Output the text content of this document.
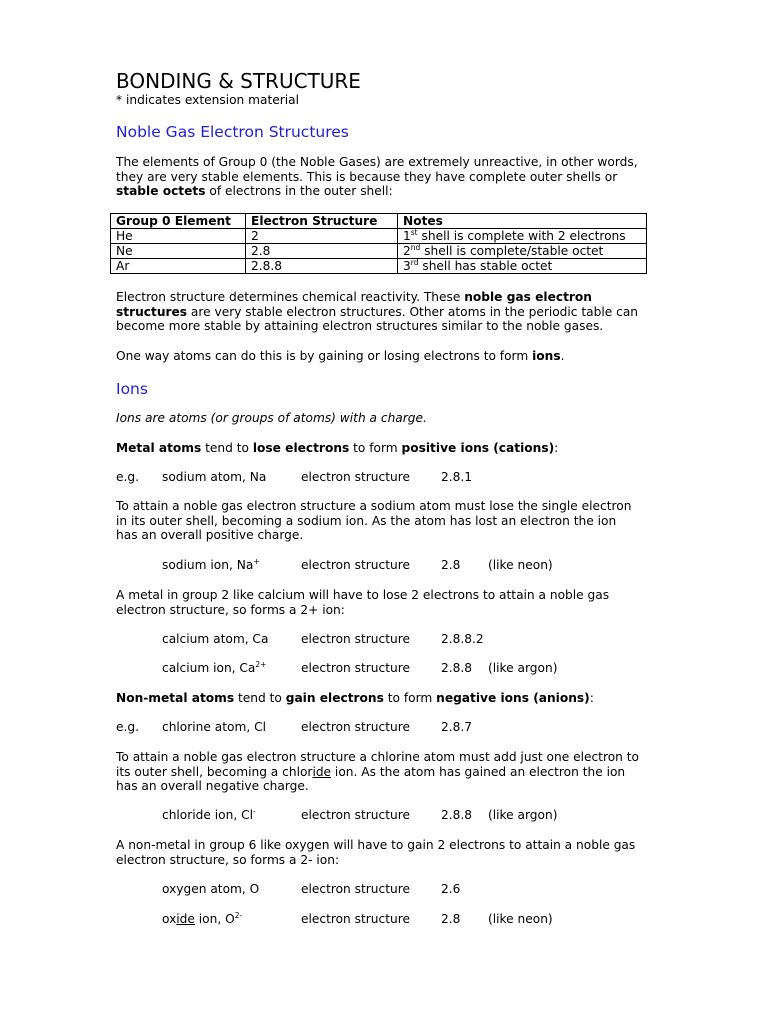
BONDING & STRUCTURE
* indicates extension material
Noble Gas Electron Structures
The elements of Group 0 (the Noble Gases) are extremely unreactive, in other words,
they are very stable elements. This is because they have complete outer shells or
stable octets of electrons in the outer shell:
Group 0 Element	Electron Structure	Notes
He	2	1st shell is complete with 2 electrons
Ne	2.8	2nd shell is complete/stable octet
Ar	2.8.8	3rd shell has stable octet
Electron structure determines chemical reactivity. These noble gas electron
structures are very stable electron structures. Other atoms in the periodic table can
become more stable by attaining electron structures similar to the noble gases.
One way atoms can do this is by gaining or losing electrons to form ions.
Ions
Ions are atoms (or groups of atoms) with a charge.
Metal atoms tend to lose electrons to form positive ions (cations):
e.g. sodium atom, Na	electron structure	2.8.1
To attain a noble gas electron structure a sodium atom must lose the single electron
in its outer shell, becoming a sodium ion. As the atom has lost an electron the ion
has an overall positive charge.
sodium ion, Na+	electron structure	2.8 (like neon)
A metal in group 2 like calcium will have to lose 2 electrons to attain a noble gas
electron structure, so forms a 2+ ion:
calcium atom, Ca	electron structure	2.8.8.2
calcium ion, $Ca^{2+}$	electron structure	2.8.8 (like argon)
Non-metal atoms tend to gain electrons to form negative ions (anions):
e.g. chlorine atom, Cl	electron structure	2.8.7
To attain a noble gas electron structure a chlorine atom must add just one electron to
its outer shell, becoming a chloride ion. As the atom has gained an electron the ion
has an overall negative charge.
chloride ion, Cl-	electron structure	2.8.8 (like argon)
A non-metal in group 6 like oxygen will have to gain 2 electrons to attain a noble gas
electron structure, so forms a 2- ion:
oxygen atom, O	electron structure	2.6
oxide ion, $O^{2-}$	electron structure	2.8 (like neon)
